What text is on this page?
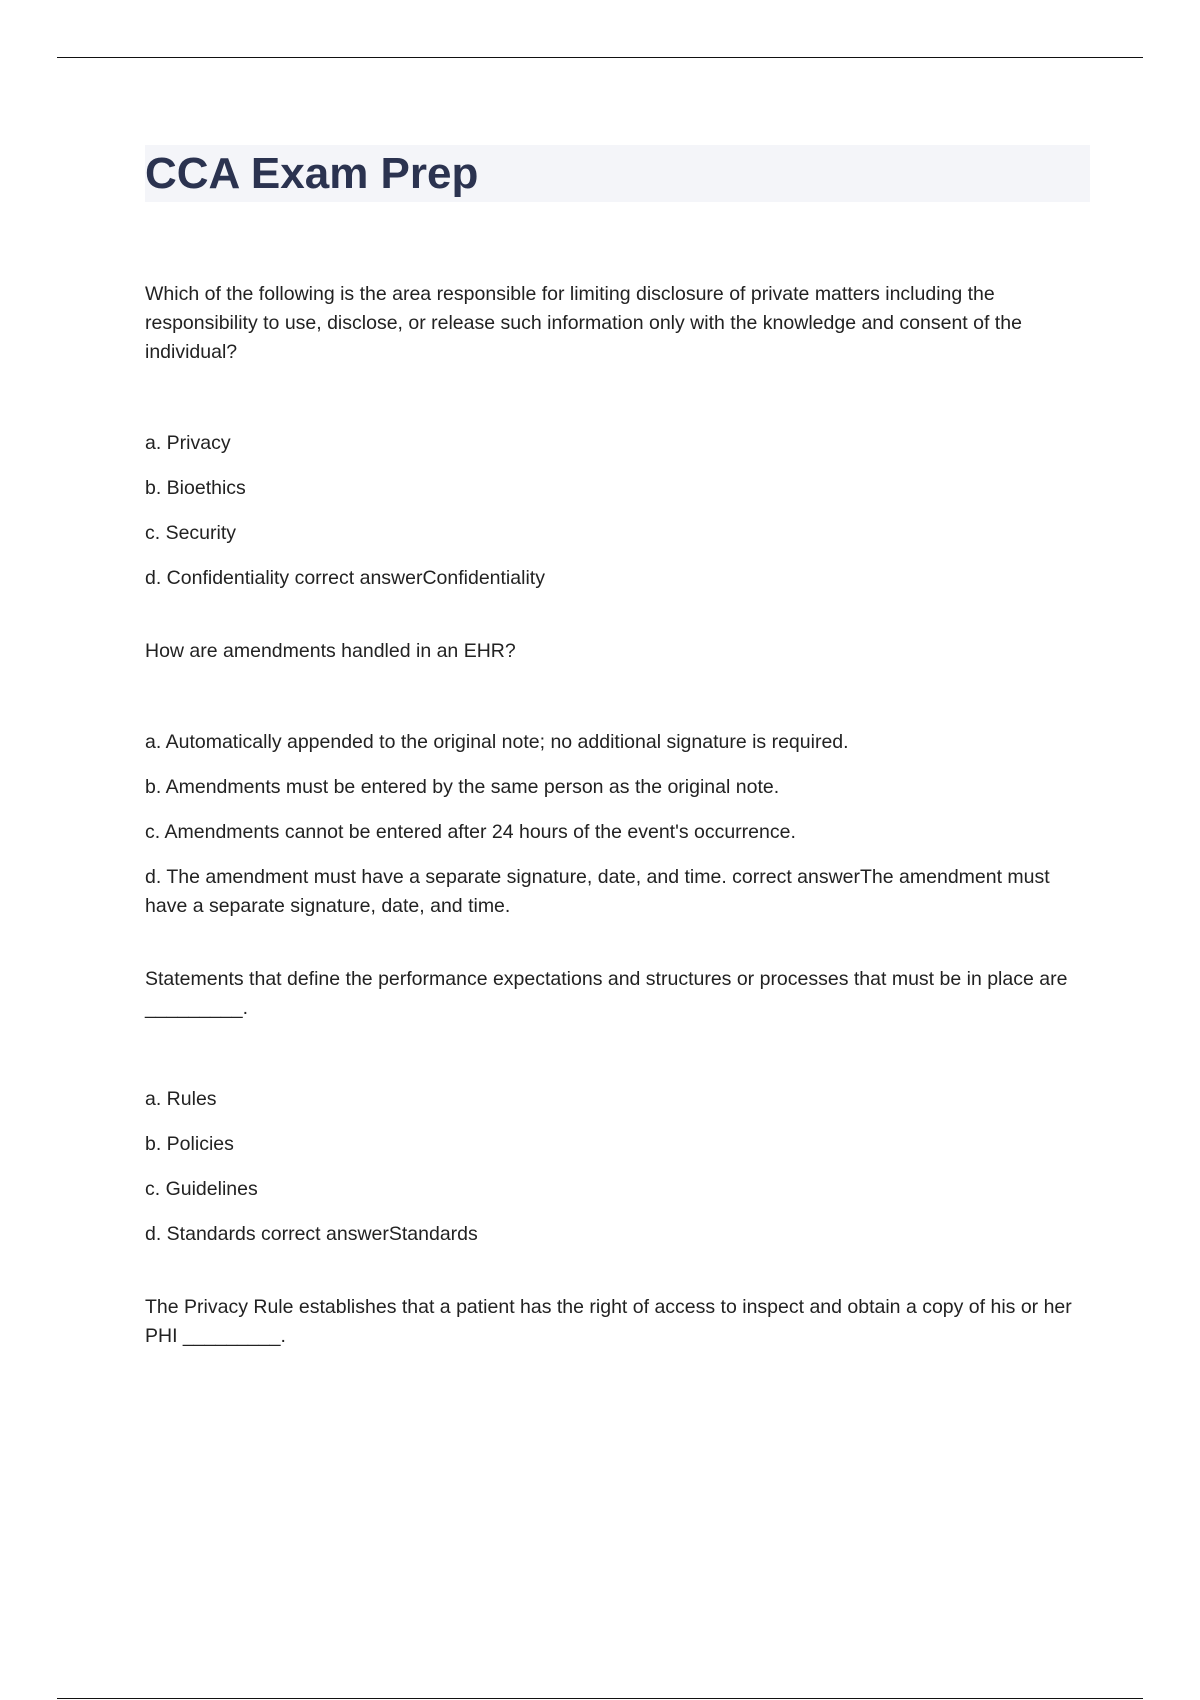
CCA Exam Prep

Which of the following is the area responsible for limiting disclosure of private matters including the responsibility to use, disclose, or release such information only with the knowledge and consent of the individual?

a. Privacy
b. Bioethics
c. Security
d. Confidentiality correct answerConfidentiality

How are amendments handled in an EHR?

a. Automatically appended to the original note; no additional signature is required.
b. Amendments must be entered by the same person as the original note.
c. Amendments cannot be entered after 24 hours of the event's occurrence.
d. The amendment must have a separate signature, date, and time. correct answerThe amendment must have a separate signature, date, and time.

Statements that define the performance expectations and structures or processes that must be in place are _________.

a. Rules
b. Policies
c. Guidelines
d. Standards correct answerStandards

The Privacy Rule establishes that a patient has the right of access to inspect and obtain a copy of his or her PHI _________.
